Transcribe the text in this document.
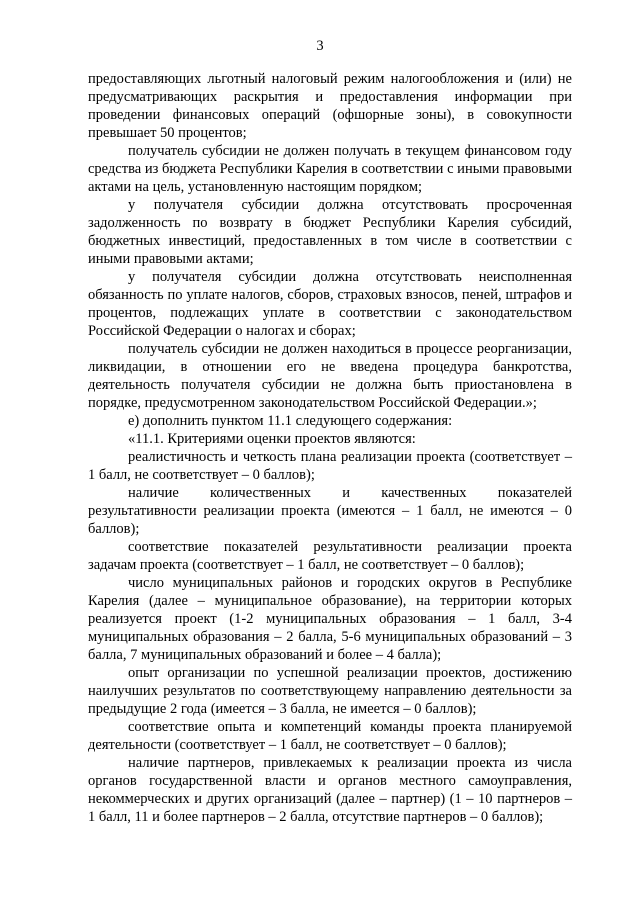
3

предоставляющих льготный налоговый режим налогообложения и (или) не предусматривающих раскрытия и предоставления информации при проведении финансовых операций (офшорные зоны), в совокупности превышает 50 процентов;

получатель субсидии не должен получать в текущем финансовом году средства из бюджета Республики Карелия в соответствии с иными правовыми актами на цель, установленную настоящим порядком;

у получателя субсидии должна отсутствовать просроченная задолженность по возврату в бюджет Республики Карелия субсидий, бюджетных инвестиций, предоставленных в том числе в соответствии с иными правовыми актами;

у получателя субсидии должна отсутствовать неисполненная обязанность по уплате налогов, сборов, страховых взносов, пеней, штрафов и процентов, подлежащих уплате в соответствии с законодательством Российской Федерации о налогах и сборах;

получатель субсидии не должен находиться в процессе реорганизации, ликвидации, в отношении его не введена процедура банкротства, деятельность получателя субсидии не должна быть приостановлена в порядке, предусмотренном законодательством Российской Федерации.»;

е) дополнить пунктом 11.1 следующего содержания:

«11.1. Критериями оценки проектов являются:

реалистичность и четкость плана реализации проекта (соответствует – 1 балл, не соответствует – 0 баллов);

наличие количественных и качественных показателей результативности реализации проекта (имеются – 1 балл, не имеются – 0 баллов);

соответствие показателей результативности реализации проекта задачам проекта (соответствует – 1 балл, не соответствует – 0 баллов);

число муниципальных районов и городских округов в Республике Карелия (далее – муниципальное образование), на территории которых реализуется проект (1-2 муниципальных образования – 1 балл, 3-4 муниципальных образования – 2 балла, 5-6 муниципальных образований – 3 балла, 7 муниципальных образований и более – 4 балла);

опыт организации по успешной реализации проектов, достижению наилучших результатов по соответствующему направлению деятельности за предыдущие 2 года (имеется – 3 балла, не имеется – 0 баллов);

соответствие опыта и компетенций команды проекта планируемой деятельности (соответствует – 1 балл, не соответствует – 0 баллов);

наличие партнеров, привлекаемых к реализации проекта из числа органов государственной власти и органов местного самоуправления, некоммерческих и других организаций (далее – партнер) (1 – 10 партнеров – 1 балл, 11 и более партнеров – 2 балла, отсутствие партнеров – 0 баллов);
